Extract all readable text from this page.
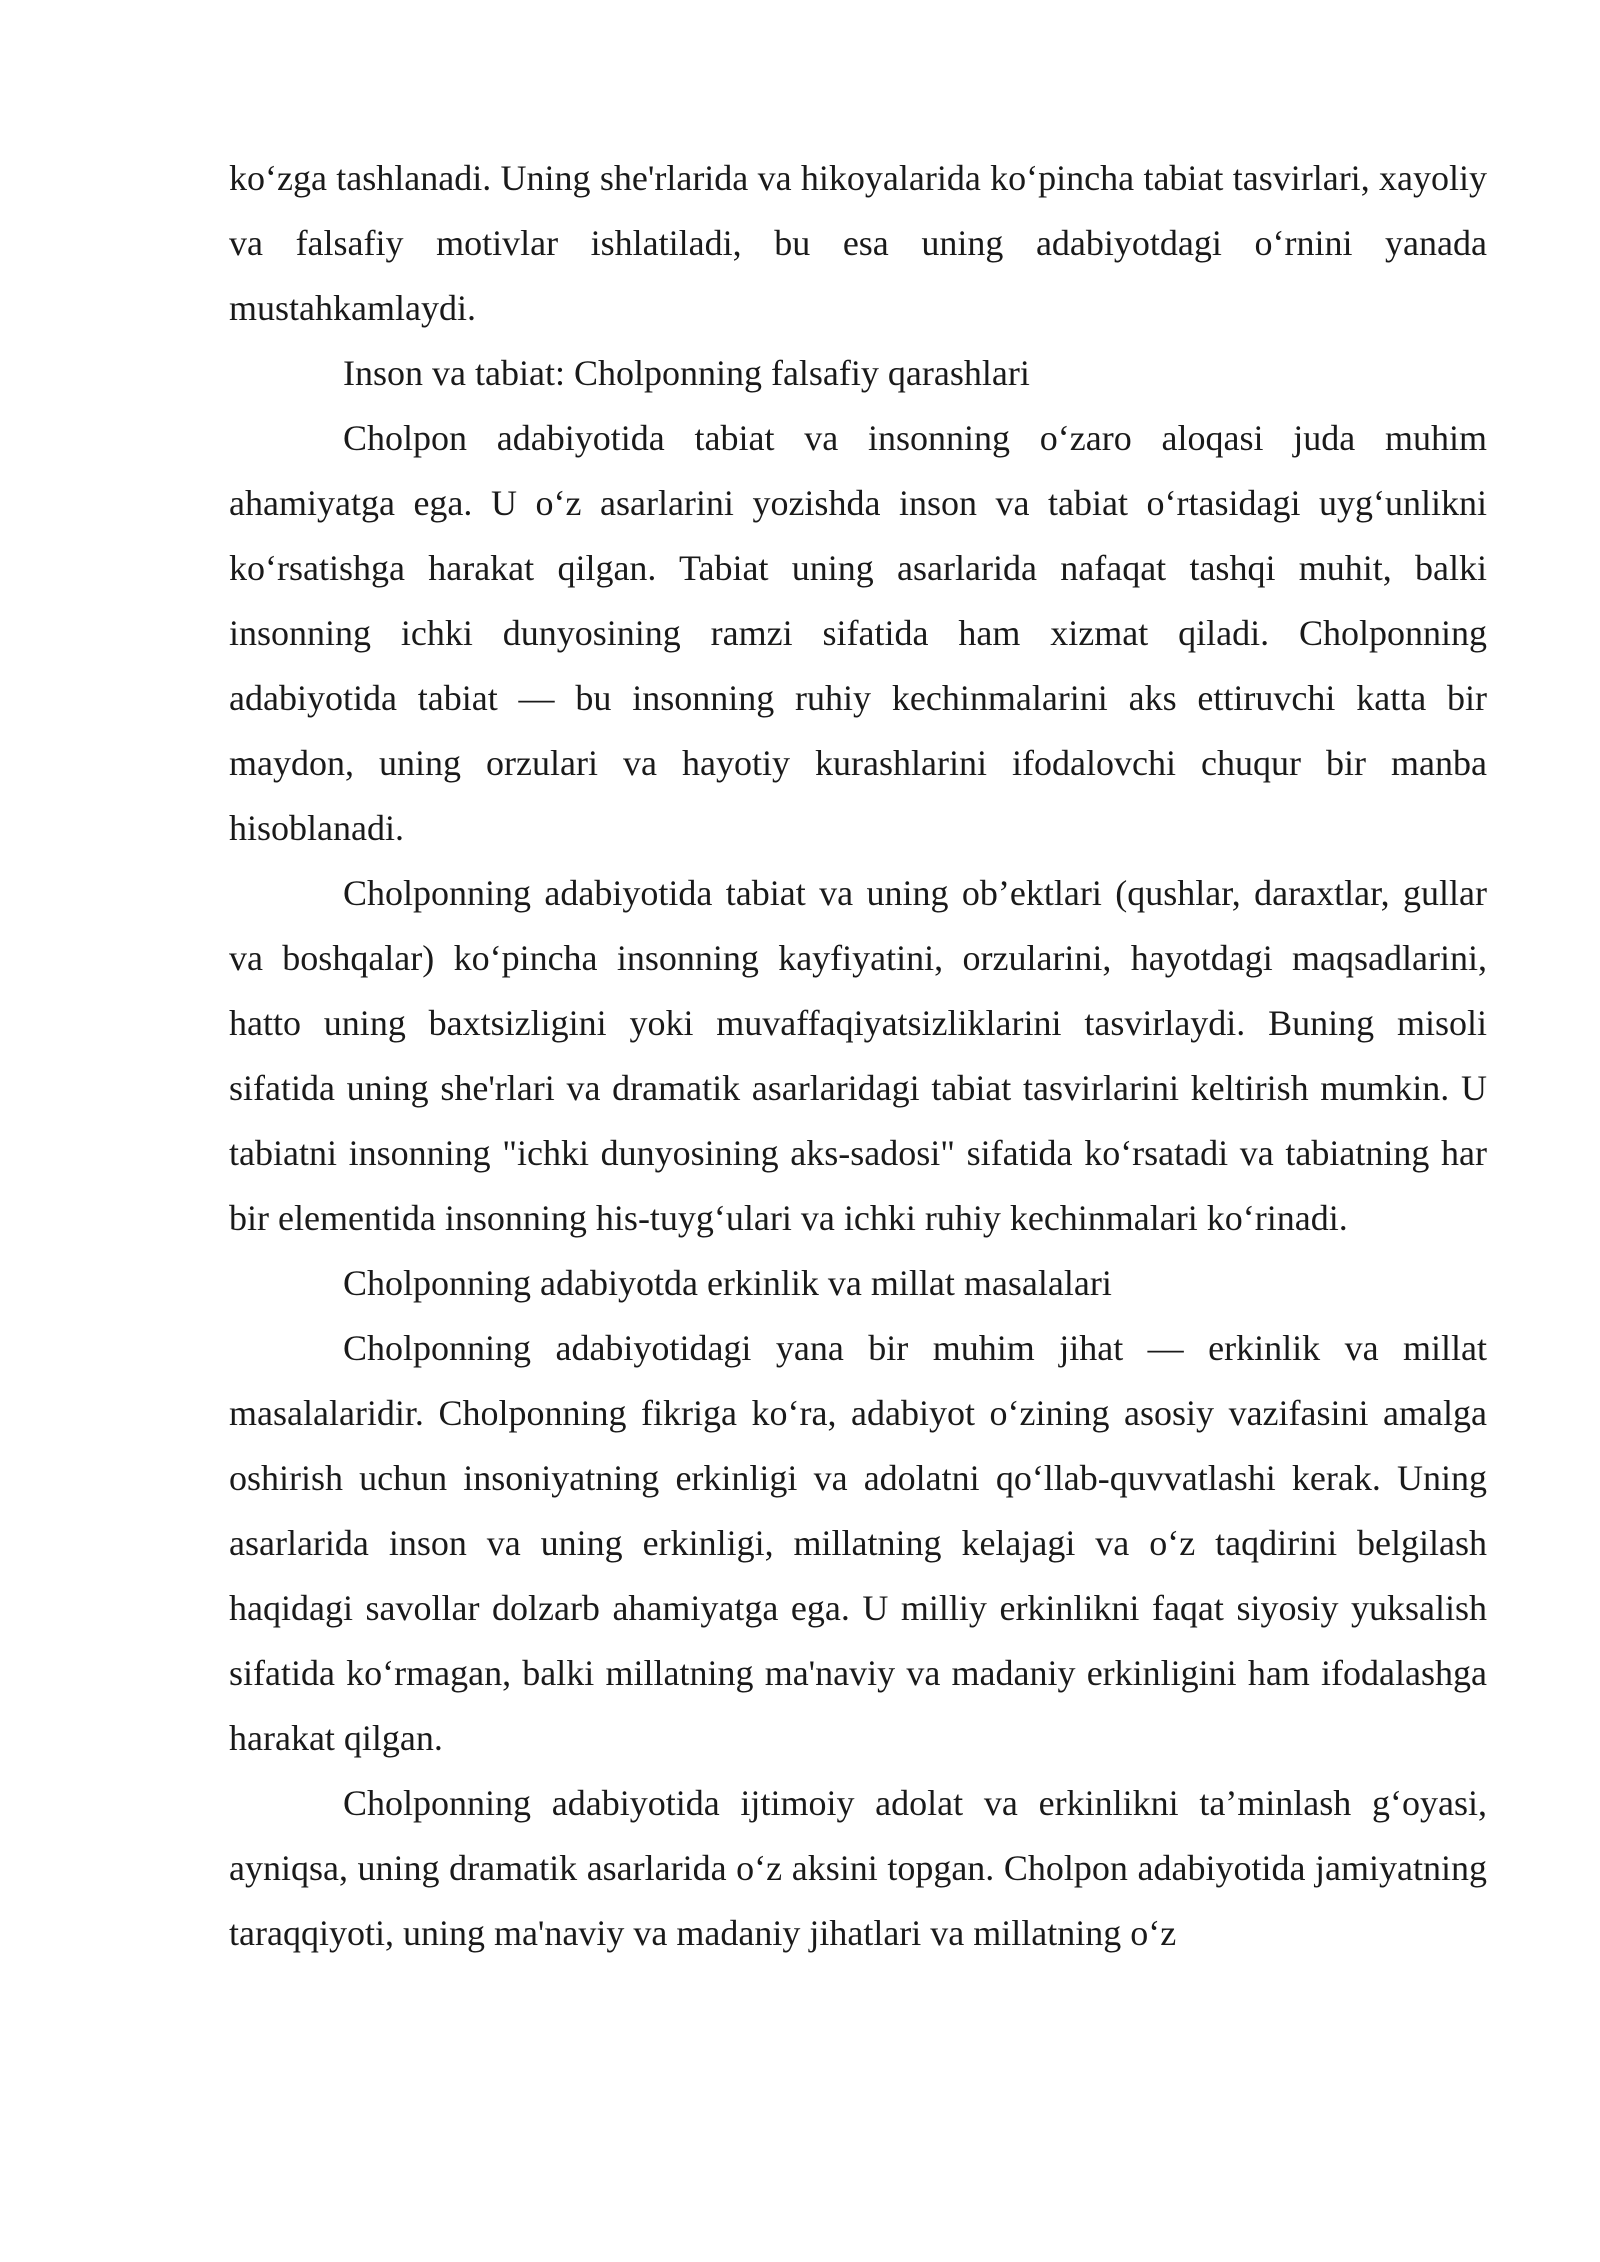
ko‘zga tashlanadi. Uning she'rlarida va hikoyalarida ko‘pincha tabiat tasvirlari, xayoliy va falsafiy motivlar ishlatiladi, bu esa uning adabiyotdagi o‘rnini yanada mustahkamlaydi.

Inson va tabiat: Cholponning falsafiy qarashlari

Cholpon adabiyotida tabiat va insonning o‘zaro aloqasi juda muhim ahamiyatga ega. U o‘z asarlarini yozishda inson va tabiat o‘rtasidagi uyg‘unlikni ko‘rsatishga harakat qilgan. Tabiat uning asarlarida nafaqat tashqi muhit, balki insonning ichki dunyosining ramzi sifatida ham xizmat qiladi. Cholponning adabiyotida tabiat — bu insonning ruhiy kechinmalarini aks ettiruvchi katta bir maydon, uning orzulari va hayotiy kurashlarini ifodalovchi chuqur bir manba hisoblanadi.

Cholponning adabiyotida tabiat va uning ob’ektlari (qushlar, daraxtlar, gullar va boshqalar) ko‘pincha insonning kayfiyatini, orzularini, hayotdagi maqsadlarini, hatto uning baxtsizligini yoki muvaffaqiyatsizliklarini tasvirlaydi. Buning misoli sifatida uning she'rlari va dramatik asarlaridagi tabiat tasvirlarini keltirish mumkin. U tabiatni insonning "ichki dunyosining aks-sadosi" sifatida ko‘rsatadi va tabiatning har bir elementida insonning his-tuyg‘ulari va ichki ruhiy kechinmalari ko‘rinadi.

Cholponning adabiyotda erkinlik va millat masalalari

Cholponning adabiyotidagi yana bir muhim jihat — erkinlik va millat masalalaridir. Cholponning fikriga ko‘ra, adabiyot o‘zining asosiy vazifasini amalga oshirish uchun insoniyatning erkinligi va adolatni qo‘llab-quvvatlashi kerak. Uning asarlarida inson va uning erkinligi, millatning kelajagi va o‘z taqdirini belgilash haqidagi savollar dolzarb ahamiyatga ega. U milliy erkinlikni faqat siyosiy yuksalish sifatida ko‘rmagan, balki millatning ma'naviy va madaniy erkinligini ham ifodalashga harakat qilgan.

Cholponning adabiyotida ijtimoiy adolat va erkinlikni ta’minlash g‘oyasi, ayniqsa, uning dramatik asarlarida o‘z aksini topgan. Cholpon adabiyotida jamiyatning taraqqiyoti, uning ma'naviy va madaniy jihatlari va millatning o‘z
